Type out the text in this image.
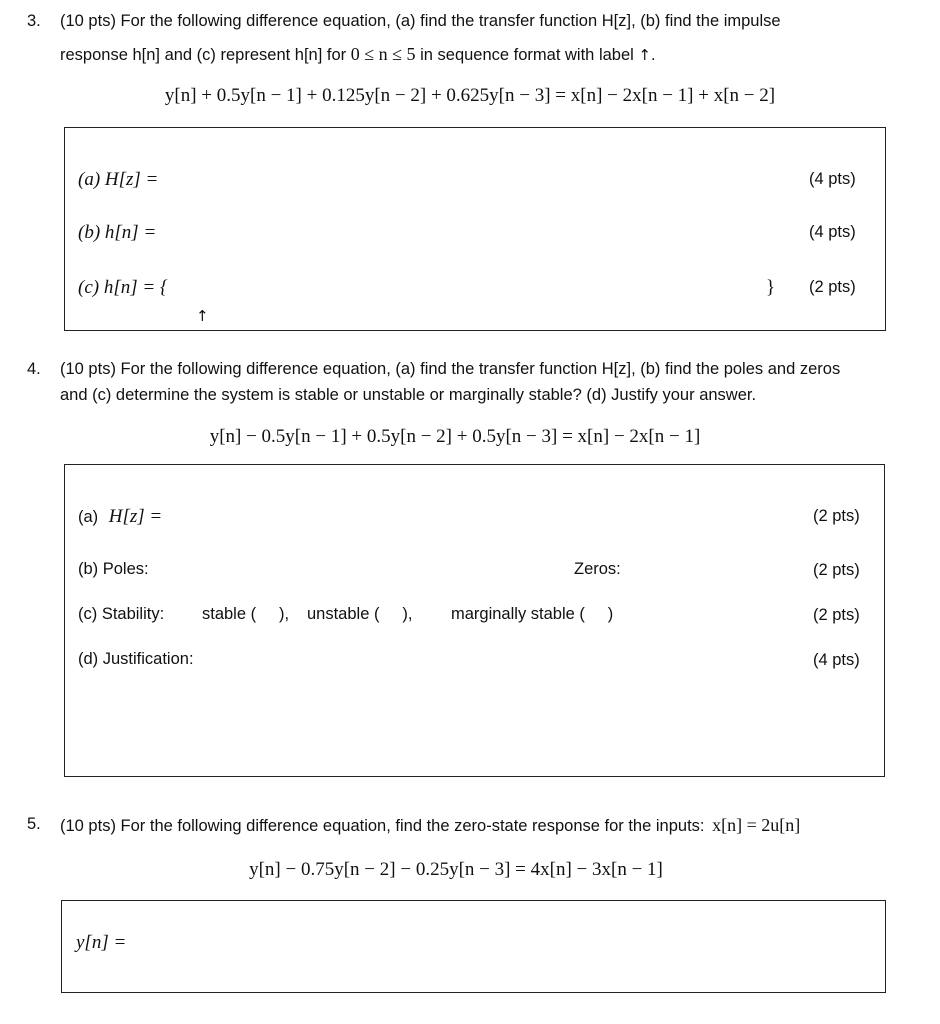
3. (10 pts) For the following difference equation, (a) find the transfer function H[z], (b) find the impulse
response h[n] and (c) represent h[n] for 0 ≤ n ≤ 5 in sequence format with label ↑.
y[n] + 0.5y[n − 1] + 0.125y[n − 2] + 0.625y[n − 3] = x[n] − 2x[n − 1] + x[n − 2]
(a) H[z] =	(4 pts)
(b) h[n] =	(4 pts)
(c) h[n] = {	} (2 pts)
↑
4. (10 pts) For the following difference equation, (a) find the transfer function H[z], (b) find the poles and zeros
and (c) determine the system is stable or unstable or marginally stable? (d) Justify your answer.
y[n] − 0.5y[n − 1] + 0.5y[n − 2] + 0.5y[n − 3] = x[n] − 2x[n − 1]
(a) H[z] =	(2 pts)
(b) Poles:	Zeros:	(2 pts)
(c) Stability: stable (     ), unstable (     ), marginally stable (     )	(2 pts)
(d) Justification:	(4 pts)
5. (10 pts) For the following difference equation, find the zero-state response for the inputs: x[n] = 2u[n]
y[n] − 0.75y[n − 2] − 0.25y[n − 3] = 4x[n] − 3x[n − 1]
y[n] =
